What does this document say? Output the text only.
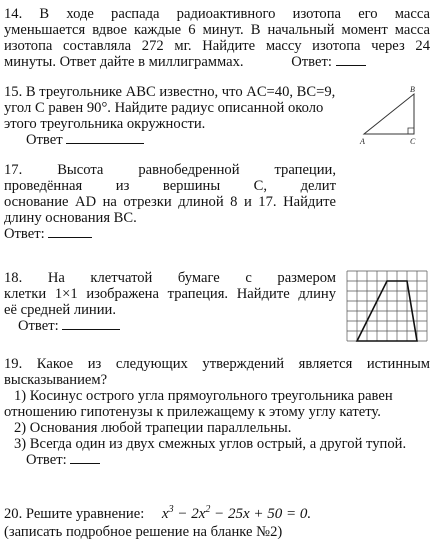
14. В ходе распада радиоактивного изотопа его масса
уменьшается вдвое каждые 6 минут. В начальный момент масса
изотопа составляла 272 мг. Найдите массу изотопа через 24
минуты. Ответ дайте в миллиграммах.	Ответ:
15. В треугольнике ABC известно, что AC=40, BC=9,
угол C равен 90°. Найдите радиус описанной около
этого треугольника окружности.
Ответ
B
A	C
17. Высота равнобедренной трапеции,
проведённая из вершины C, делит
основание AD на отрезки длиной 8 и 17. Найдите
длину основания BC.
Ответ:
18. На клетчатой бумаге с размером
клетки 1×1 изображена трапеция. Найдите длину
её средней линии.
Ответ:
19. Какое из следующих утверждений является истинным
высказыванием?
1) Косинус острого угла прямоугольного треугольника равен
отношению гипотенузы к прилежащему к этому углу катету.
2) Основания любой трапеции параллельны.
3) Всегда один из двух смежных углов острый, а другой тупой.
Ответ:
20. Решите уравнение: $x^3 - 2x^2 - 25x + 50 = 0$.
(записать подробное решение на бланке №2)
